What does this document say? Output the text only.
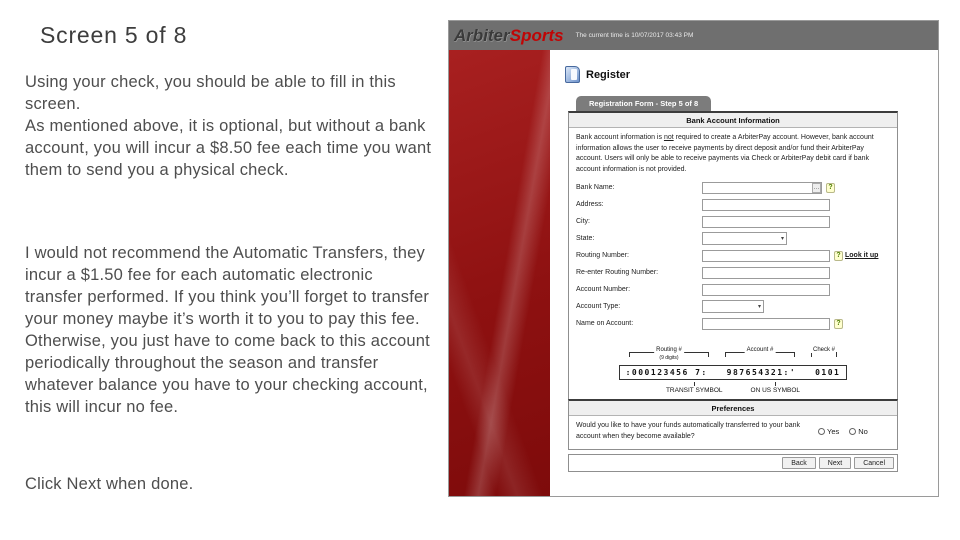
Screen 5 of 8
Using your check, you should be able to fill in this screen.
As mentioned above, it is optional, but without a bank account, you will incur a $8.50 fee each time you want them to send you a physical check.
I would not recommend the Automatic Transfers, they incur a $1.50 fee for each automatic electronic transfer performed. If you think you’ll forget to transfer your money maybe it’s worth it to you to pay this fee. Otherwise, you just have to come back to this account periodically throughout the season and transfer whatever balance you have to your checking account, this will incur no fee.
Click Next when done.
ArbiterSports The current time is 10/07/2017 03:43 PM
Register
Registration Form - Step 5 of 8
Bank Account Information
Bank account information is not required to create a ArbiterPay account. However, bank account information allows the user to receive payments by direct deposit and/or fund their ArbiterPay account. Users will only be able to receive payments via Check or ArbiterPay debit card if bank account information is not provided.
Bank Name:	…	?
Address:
City:
State:	▾
Routing Number:	? Look it up
Re-enter Routing Number:
Account Number:
Account Type:	▾
Name on Account:	?
Routing #
(9 digits)
Account #	Check #
:000123456 7:   987654321:'   0101
TRANSIT SYMBOL	ON US SYMBOL
Preferences
Would you like to have your funds automatically transferred to your bank account when they become available?	Yes	No
Back	Next	Cancel
